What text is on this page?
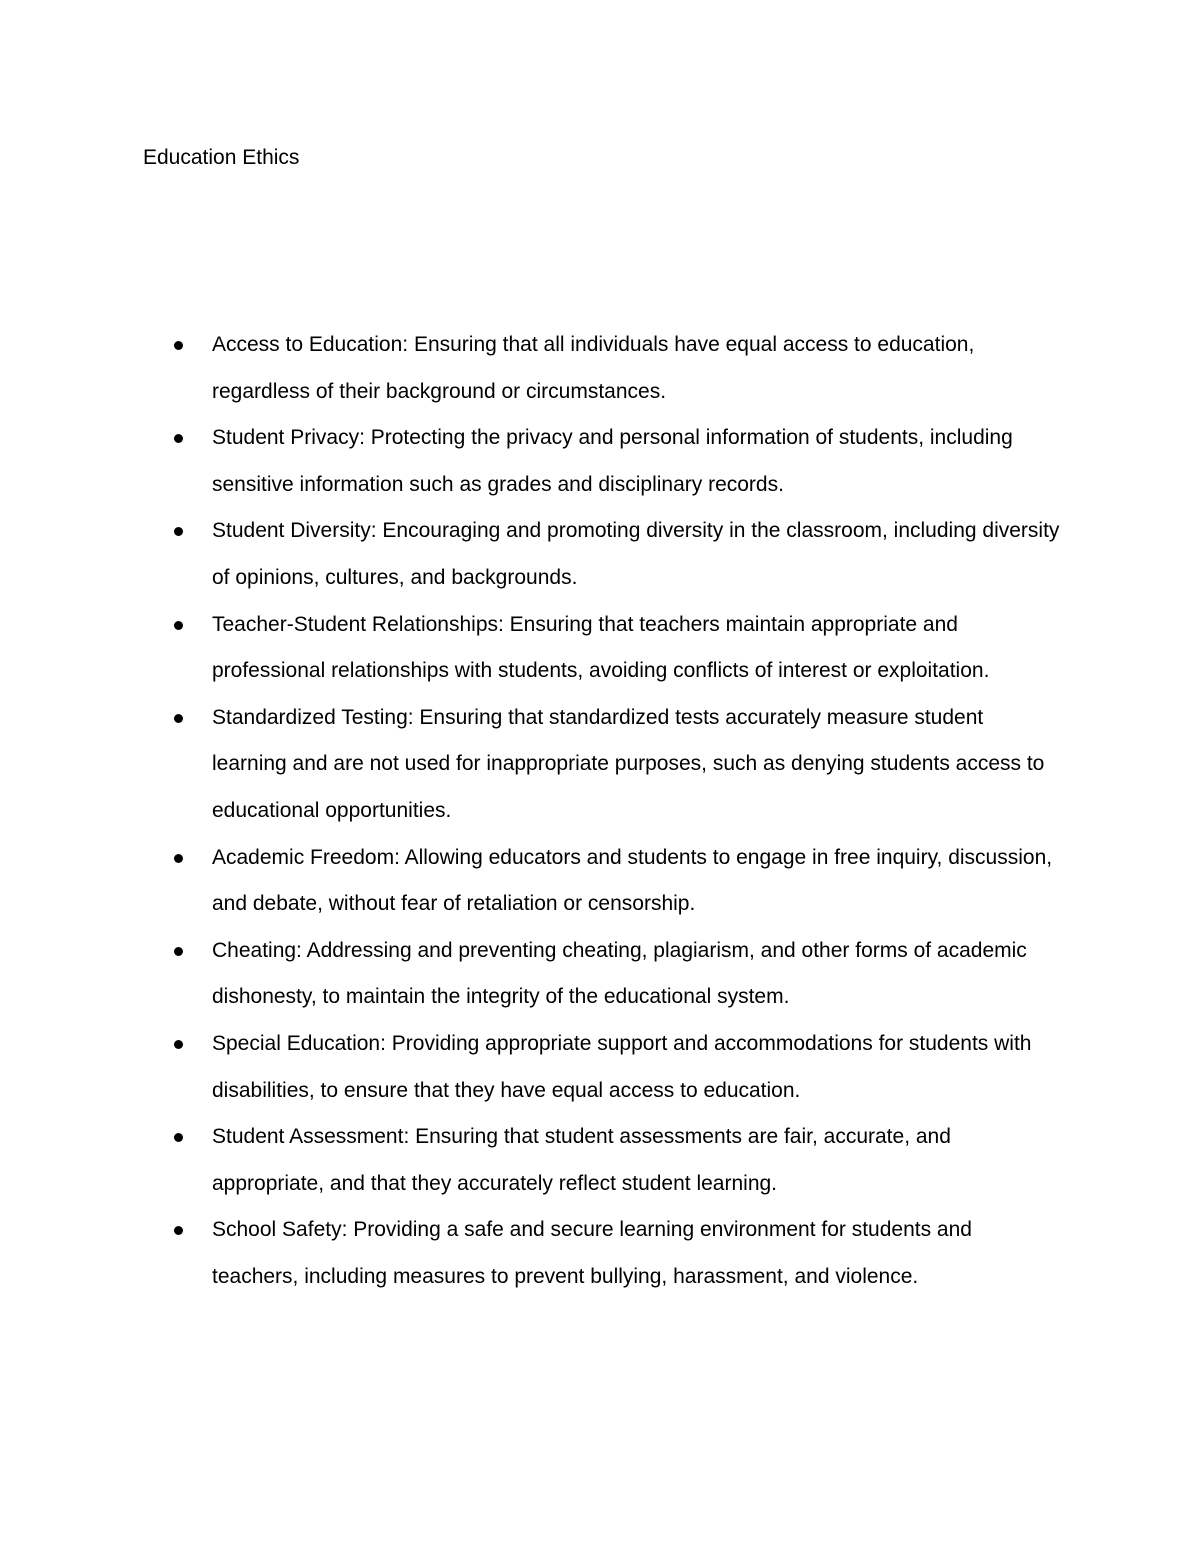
Education Ethics
Access to Education: Ensuring that all individuals have equal access to education, regardless of their background or circumstances.
Student Privacy: Protecting the privacy and personal information of students, including sensitive information such as grades and disciplinary records.
Student Diversity: Encouraging and promoting diversity in the classroom, including diversity of opinions, cultures, and backgrounds.
Teacher-Student Relationships: Ensuring that teachers maintain appropriate and professional relationships with students, avoiding conflicts of interest or exploitation.
Standardized Testing: Ensuring that standardized tests accurately measure student learning and are not used for inappropriate purposes, such as denying students access to educational opportunities.
Academic Freedom: Allowing educators and students to engage in free inquiry, discussion, and debate, without fear of retaliation or censorship.
Cheating: Addressing and preventing cheating, plagiarism, and other forms of academic dishonesty, to maintain the integrity of the educational system.
Special Education: Providing appropriate support and accommodations for students with disabilities, to ensure that they have equal access to education.
Student Assessment: Ensuring that student assessments are fair, accurate, and appropriate, and that they accurately reflect student learning.
School Safety: Providing a safe and secure learning environment for students and teachers, including measures to prevent bullying, harassment, and violence.
